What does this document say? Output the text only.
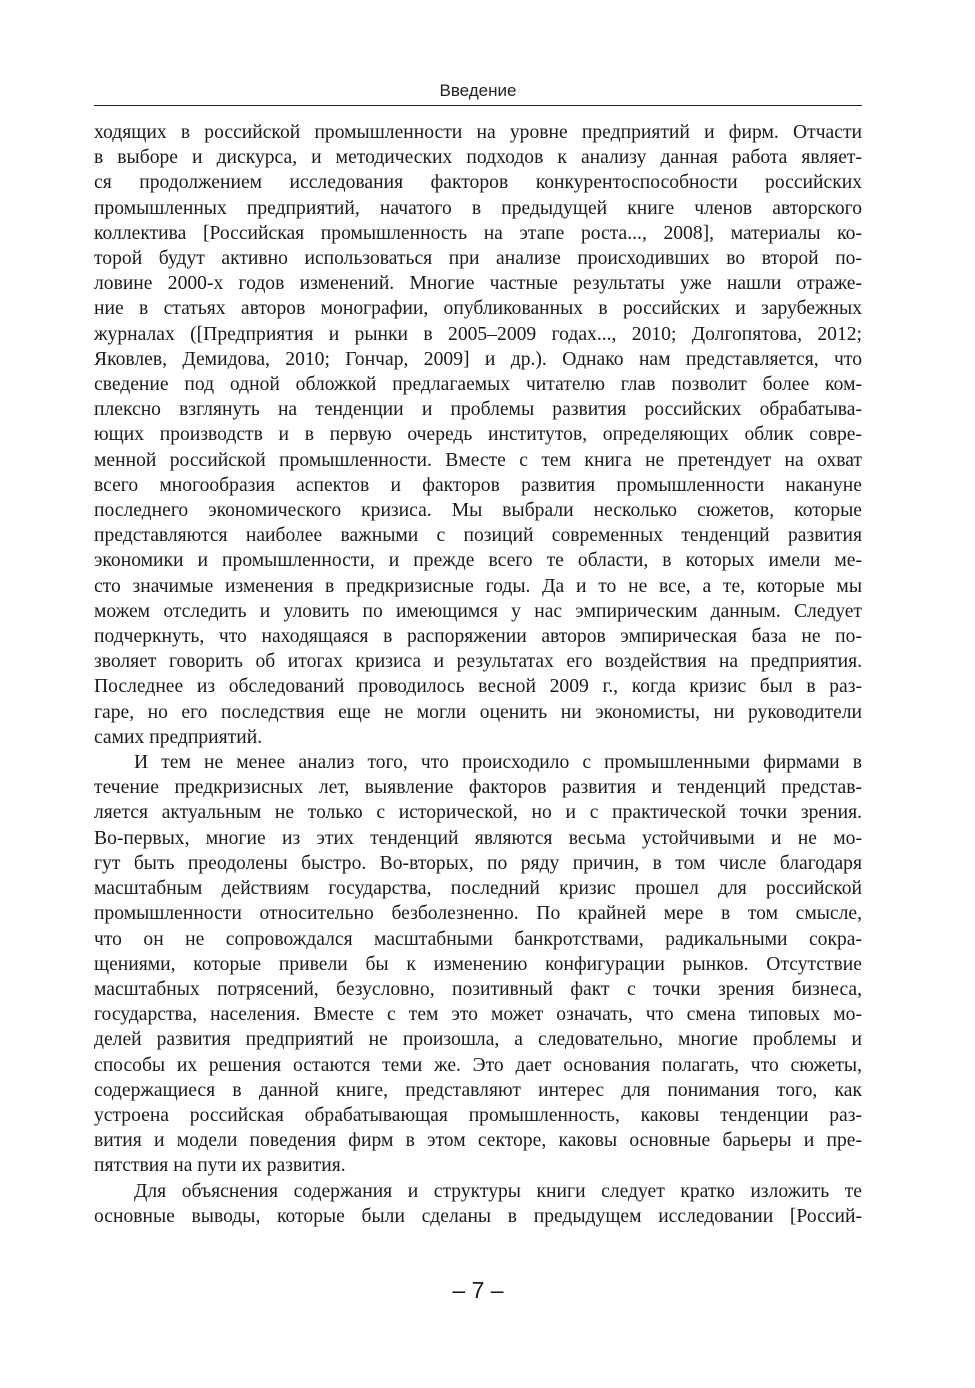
Введение

ходящих в российской промышленности на уровне предприятий и фирм. Отчасти

в выборе и дискурса, и методических подходов к анализу данная работа являет-

ся продолжением исследования факторов конкурентоспособности российских

промышленных предприятий, начатого в предыдущей книге членов авторского

коллектива [Российская промышленность на этапе роста..., 2008], материалы ко-

торой будут активно использоваться при анализе происходивших во второй по-

ловине 2000-х годов изменений. Многие частные результаты уже нашли отраже-

ние в статьях авторов монографии, опубликованных в российских и зарубежных

журналах ([Предприятия и рынки в 2005–2009 годах..., 2010; Долгопятова, 2012;

Яковлев, Демидова, 2010; Гончар, 2009] и др.). Однако нам представляется, что

сведение под одной обложкой предлагаемых читателю глав позволит более ком-

плексно взглянуть на тенденции и проблемы развития российских обрабатыва-

ющих производств и в первую очередь институтов, определяющих облик совре-

менной российской промышленности. Вместе с тем книга не претендует на охват

всего многообразия аспектов и факторов развития промышленности накануне

последнего экономического кризиса. Мы выбрали несколько сюжетов, которые

представляются наиболее важными с позиций современных тенденций развития

экономики и промышленности, и прежде всего те области, в которых имели ме-

сто значимые изменения в предкризисные годы. Да и то не все, а те, которые мы

можем отследить и уловить по имеющимся у нас эмпирическим данным. Следует

подчеркнуть, что находящаяся в распоряжении авторов эмпирическая база не по-

зволяет говорить об итогах кризиса и результатах его воздействия на предприятия.

Последнее из обследований проводилось весной 2009 г., когда кризис был в раз-

гаре, но его последствия еще не могли оценить ни экономисты, ни руководители

самих предприятий.

И тем не менее анализ того, что происходило с промышленными фирмами в

течение предкризисных лет, выявление факторов развития и тенденций представ-

ляется актуальным не только с исторической, но и с практической точки зрения.

Во-первых, многие из этих тенденций являются весьма устойчивыми и не мо-

гут быть преодолены быстро. Во-вторых, по ряду причин, в том числе благодаря

масштабным действиям государства, последний кризис прошел для российской

промышленности относительно безболезненно. По крайней мере в том смысле,

что он не сопровождался масштабными банкротствами, радикальными сокра-

щениями, которые привели бы к изменению конфигурации рынков. Отсутствие

масштабных потрясений, безусловно, позитивный факт с точки зрения бизнеса,

государства, населения. Вместе с тем это может означать, что смена типовых мо-

делей развития предприятий не произошла, а следовательно, многие проблемы и

способы их решения остаются теми же. Это дает основания полагать, что сюжеты,

содержащиеся в данной книге, представляют интерес для понимания того, как

устроена российская обрабатывающая промышленность, каковы тенденции раз-

вития и модели поведения фирм в этом секторе, каковы основные барьеры и пре-

пятствия на пути их развития.

Для объяснения содержания и структуры книги следует кратко изложить те

основные выводы, которые были сделаны в предыдущем исследовании [Россий-

– 7 –
